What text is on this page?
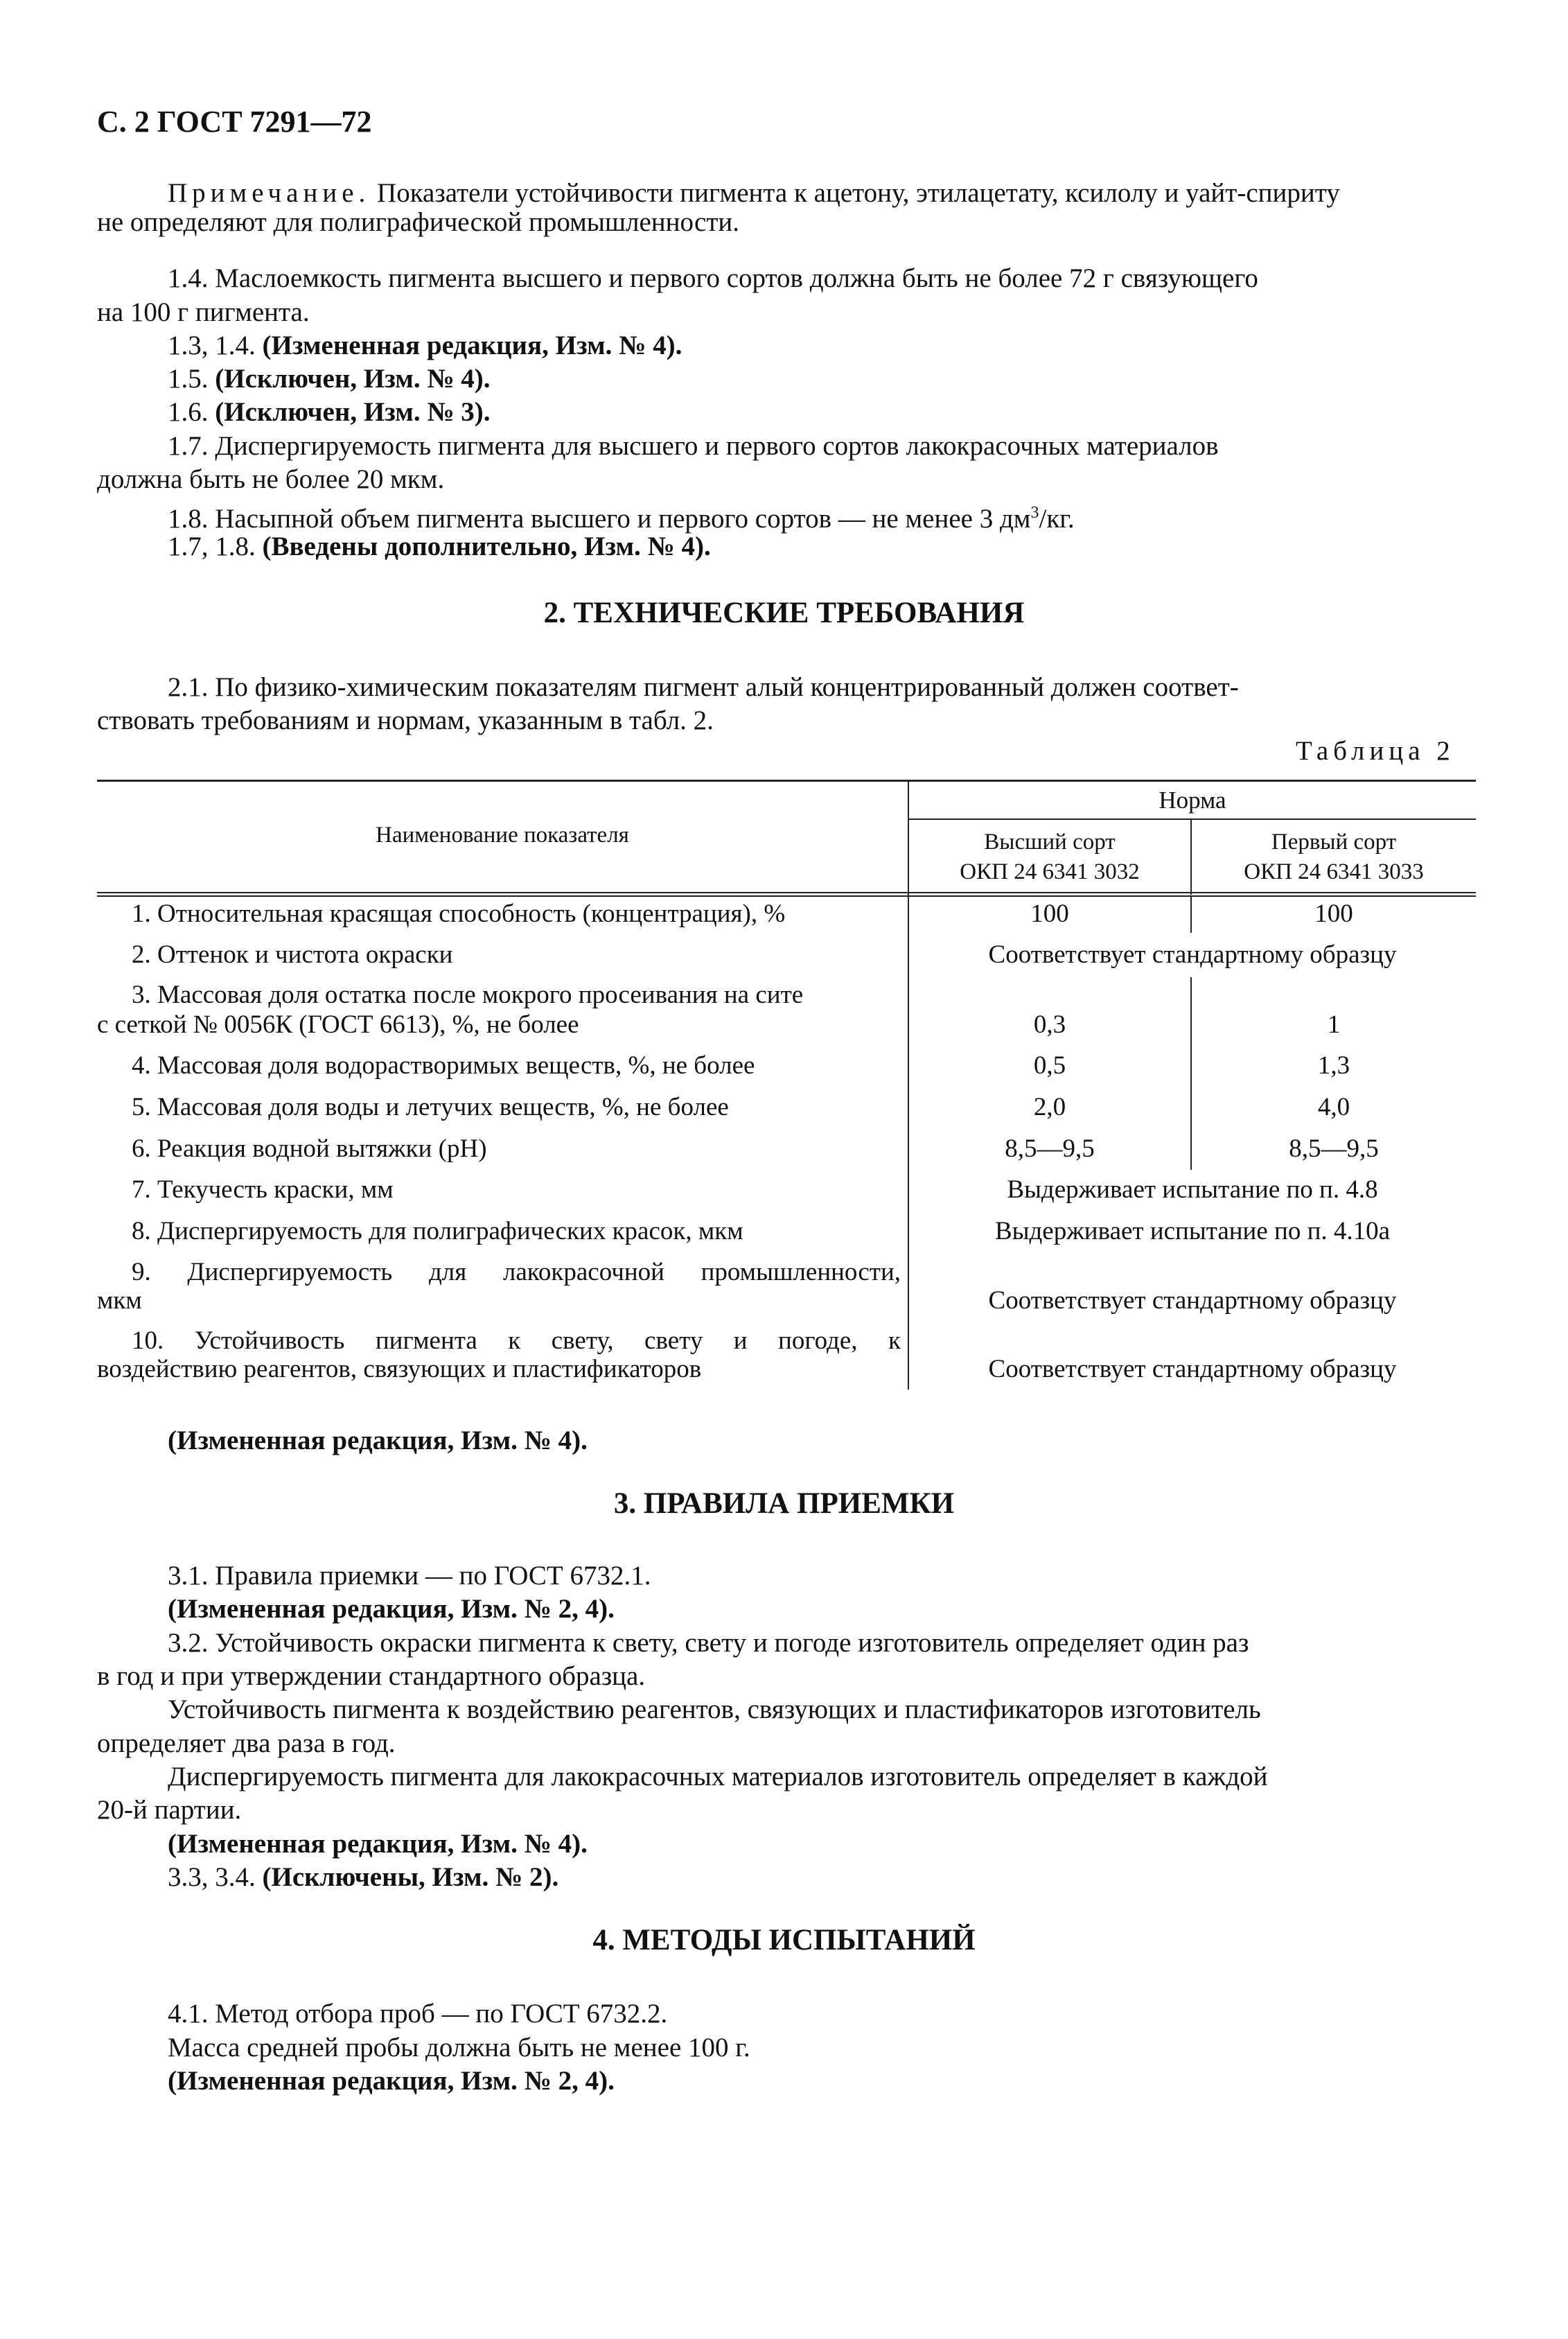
С. 2 ГОСТ 7291—72
Примечание. Показатели устойчивости пигмента к ацетону, этилацетату, ксилолу и уайт-спириту
не определяют для полиграфической промышленности.
1.4. Маслоемкость пигмента высшего и первого сортов должна быть не более 72 г связующего
на 100 г пигмента.
1.3, 1.4. (Измененная редакция, Изм. № 4).
1.5. (Исключен, Изм. № 4).
1.6. (Исключен, Изм. № 3).
1.7. Диспергируемость пигмента для высшего и первого сортов лакокрасочных материалов
должна быть не более 20 мкм.
1.8. Насыпной объем пигмента высшего и первого сортов — не менее 3 $дм^3/кг$.
1.7, 1.8. (Введены дополнительно, Изм. № 4).
2. ТЕХНИЧЕСКИЕ ТРЕБОВАНИЯ
2.1. По физико-химическим показателям пигмент алый концентрированный должен соответ-
ствовать требованиям и нормам, указанным в табл. 2.
Таблица 2
Наименование показателя
Норма
Высший сорт
ОКП 24 6341 3032
Первый сорт
ОКП 24 6341 3033
1. Относительная красящая способность (концентрация), %	100	100
2. Оттенок и чистота окраски	Соответствует стандартному образцу
3. Массовая доля остатка после мокрого просеивания на сите
с сеткой № 0056К (ГОСТ 6613), %, не более	0,3	1
4. Массовая доля водорастворимых веществ, %, не более	0,5	1,3
5. Массовая доля воды и летучих веществ, %, не более	2,0	4,0
6. Реакция водной вытяжки (pH)	8,5—9,5	8,5—9,5
7. Текучесть краски, мм	Выдерживает испытание по п. 4.8
8. Диспергируемость для полиграфических красок, мкм	Выдерживает испытание по п. 4.10а
9. Диспергируемость для лакокрасочной промышленности,
мкм	Соответствует стандартному образцу
10. Устойчивость пигмента к свету, свету и погоде, к
воздействию реагентов, связующих и пластификаторов	Соответствует стандартному образцу
(Измененная редакция, Изм. № 4).
3. ПРАВИЛА ПРИЕМКИ
3.1. Правила приемки — по ГОСТ 6732.1.
(Измененная редакция, Изм. № 2, 4).
3.2. Устойчивость окраски пигмента к свету, свету и погоде изготовитель определяет один раз
в год и при утверждении стандартного образца.
Устойчивость пигмента к воздействию реагентов, связующих и пластификаторов изготовитель
определяет два раза в год.
Диспергируемость пигмента для лакокрасочных материалов изготовитель определяет в каждой
20-й партии.
(Измененная редакция, Изм. № 4).
3.3, 3.4. (Исключены, Изм. № 2).
4. МЕТОДЫ ИСПЫТАНИЙ
4.1. Метод отбора проб — по ГОСТ 6732.2.
Масса средней пробы должна быть не менее 100 г.
(Измененная редакция, Изм. № 2, 4).
